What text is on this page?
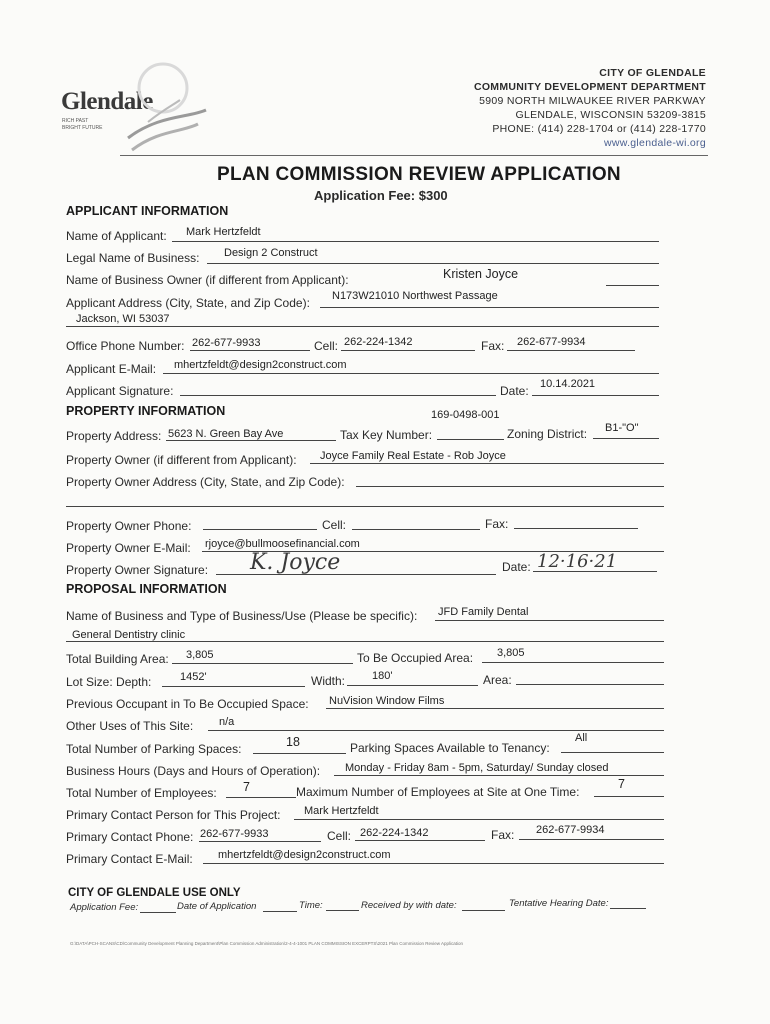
Glendale
RICH PAST
BRIGHT FUTURE
CITY OF GLENDALE
COMMUNITY DEVELOPMENT DEPARTMENT
5909 NORTH MILWAUKEE RIVER PARKWAY
GLENDALE, WISCONSIN 53209-3815
PHONE: (414) 228-1704 or (414) 228-1770
www.glendale-wi.org
PLAN COMMISSION REVIEW APPLICATION
Application Fee: $300
APPLICANT INFORMATION
Name of Applicant: Mark Hertzfeldt
Legal Name of Business: Design 2 Construct
Name of Business Owner (if different from Applicant):	Kristen Joyce
Applicant Address (City, State, and Zip Code): N173W21010 Northwest Passage
Jackson, WI 53037
Office Phone Number: 262-677-9933	Cell: 262-224-1342	Fax: 262-677-9934
Applicant E-Mail: mhertzfeldt@design2construct.com
Applicant Signature:	Date: 10.14.2021
PROPERTY INFORMATION	169-0498-001
Property Address: 5623 N. Green Bay Ave	Tax Key Number:	Zoning District: B1-"O"
Property Owner (if different from Applicant): Joyce Family Real Estate - Rob Joyce
Property Owner Address (City, State, and Zip Code):
Property Owner Phone:	Cell:	Fax:
Property Owner E-Mail: rjoyce@bullmoosefinancial.com
Property Owner Signature: K. Joyce	Date: 12·16·21
PROPOSAL INFORMATION
Name of Business and Type of Business/Use (Please be specific): JFD Family Dental
General Dentistry clinic
Total Building Area: 3,805	To Be Occupied Area: 3,805
Lot Size: Depth:	1452'	Width: 180'	Area:
Previous Occupant in To Be Occupied Space: NuVision Window Films
Other Uses of This Site: n/a
Total Number of Parking Spaces:	18	Parking Spaces Available to Tenancy:
All
Business Hours (Days and Hours of Operation): Monday - Friday 8am - 5pm, Saturday/ Sunday closed
Total Number of Employees: 7	Maximum Number of Employees at Site at One Time:
7
Primary Contact Person for This Project: Mark Hertzfeldt
Primary Contact Phone: 262-677-9933	Cell: 262-224-1342	Fax: 262-677-9934
Primary Contact E-Mail: mhertzfeldt@design2construct.com
CITY OF GLENDALE USE ONLY
Application Fee:	Date of Application	Time:	Received by with date:	Tentative Hearing Date:
G:\DATA\PCH-SCANS\CD\Community Development Planning Department\Plan Commission Administration\2-4-4-1001 PLAN COMMISSION EXCERPTS\2021 Plan Commission Review Application
